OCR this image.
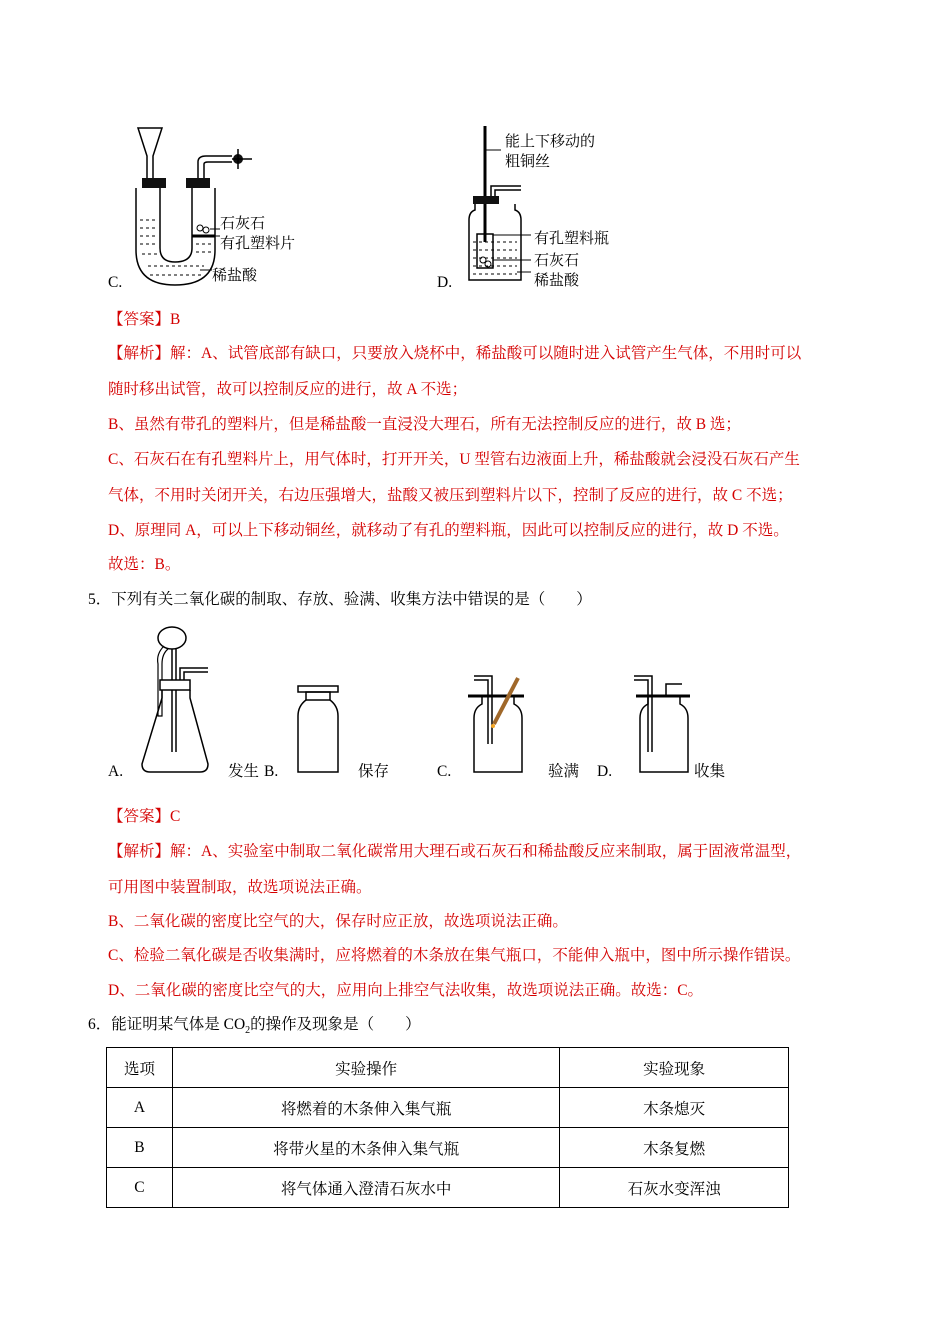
石灰石
有孔塑料片
稀盐酸
C.
能上下移动的
粗铜丝
有孔塑料瓶
石灰石
稀盐酸
D.
【答案】B
【解析】解：A、试管底部有缺口，只要放入烧杯中，稀盐酸可以随时进入试管产生气体，不用时可以
随时移出试管，故可以控制反应的进行，故 A 不选；
B、虽然有带孔的塑料片，但是稀盐酸一直浸没大理石，所有无法控制反应的进行，故 B 选；
C、石灰石在有孔塑料片上，用气体时，打开开关，U 型管右边液面上升，稀盐酸就会浸没石灰石产生
气体，不用时关闭开关，右边压强增大，盐酸又被压到塑料片以下，控制了反应的进行，故 C 不选；
D、原理同 A，可以上下移动铜丝，就移动了有孔的塑料瓶，因此可以控制反应的进行，故 D 不选。
故选：B。
5．下列有关二氧化碳的制取、存放、验满、收集方法中错误的是（　　）
A.	发生 B.	保存	C.	验满 D.	收集
【答案】C
【解析】解：A、实验室中制取二氧化碳常用大理石或石灰石和稀盐酸反应来制取，属于固液常温型，
可用图中装置制取，故选项说法正确。
B、二氧化碳的密度比空气的大，保存时应正放，故选项说法正确。
C、检验二氧化碳是否收集满时，应将燃着的木条放在集气瓶口，不能伸入瓶中，图中所示操作错误。
D、二氧化碳的密度比空气的大，应用向上排空气法收集，故选项说法正确。故选：C。
6．能证明某气体是 $CO_2$的操作及现象是（　　）
选项	实验操作	实验现象
A	将燃着的木条伸入集气瓶	木条熄灭
B	将带火星的木条伸入集气瓶	木条复燃
C	将气体通入澄清石灰水中	石灰水变浑浊
